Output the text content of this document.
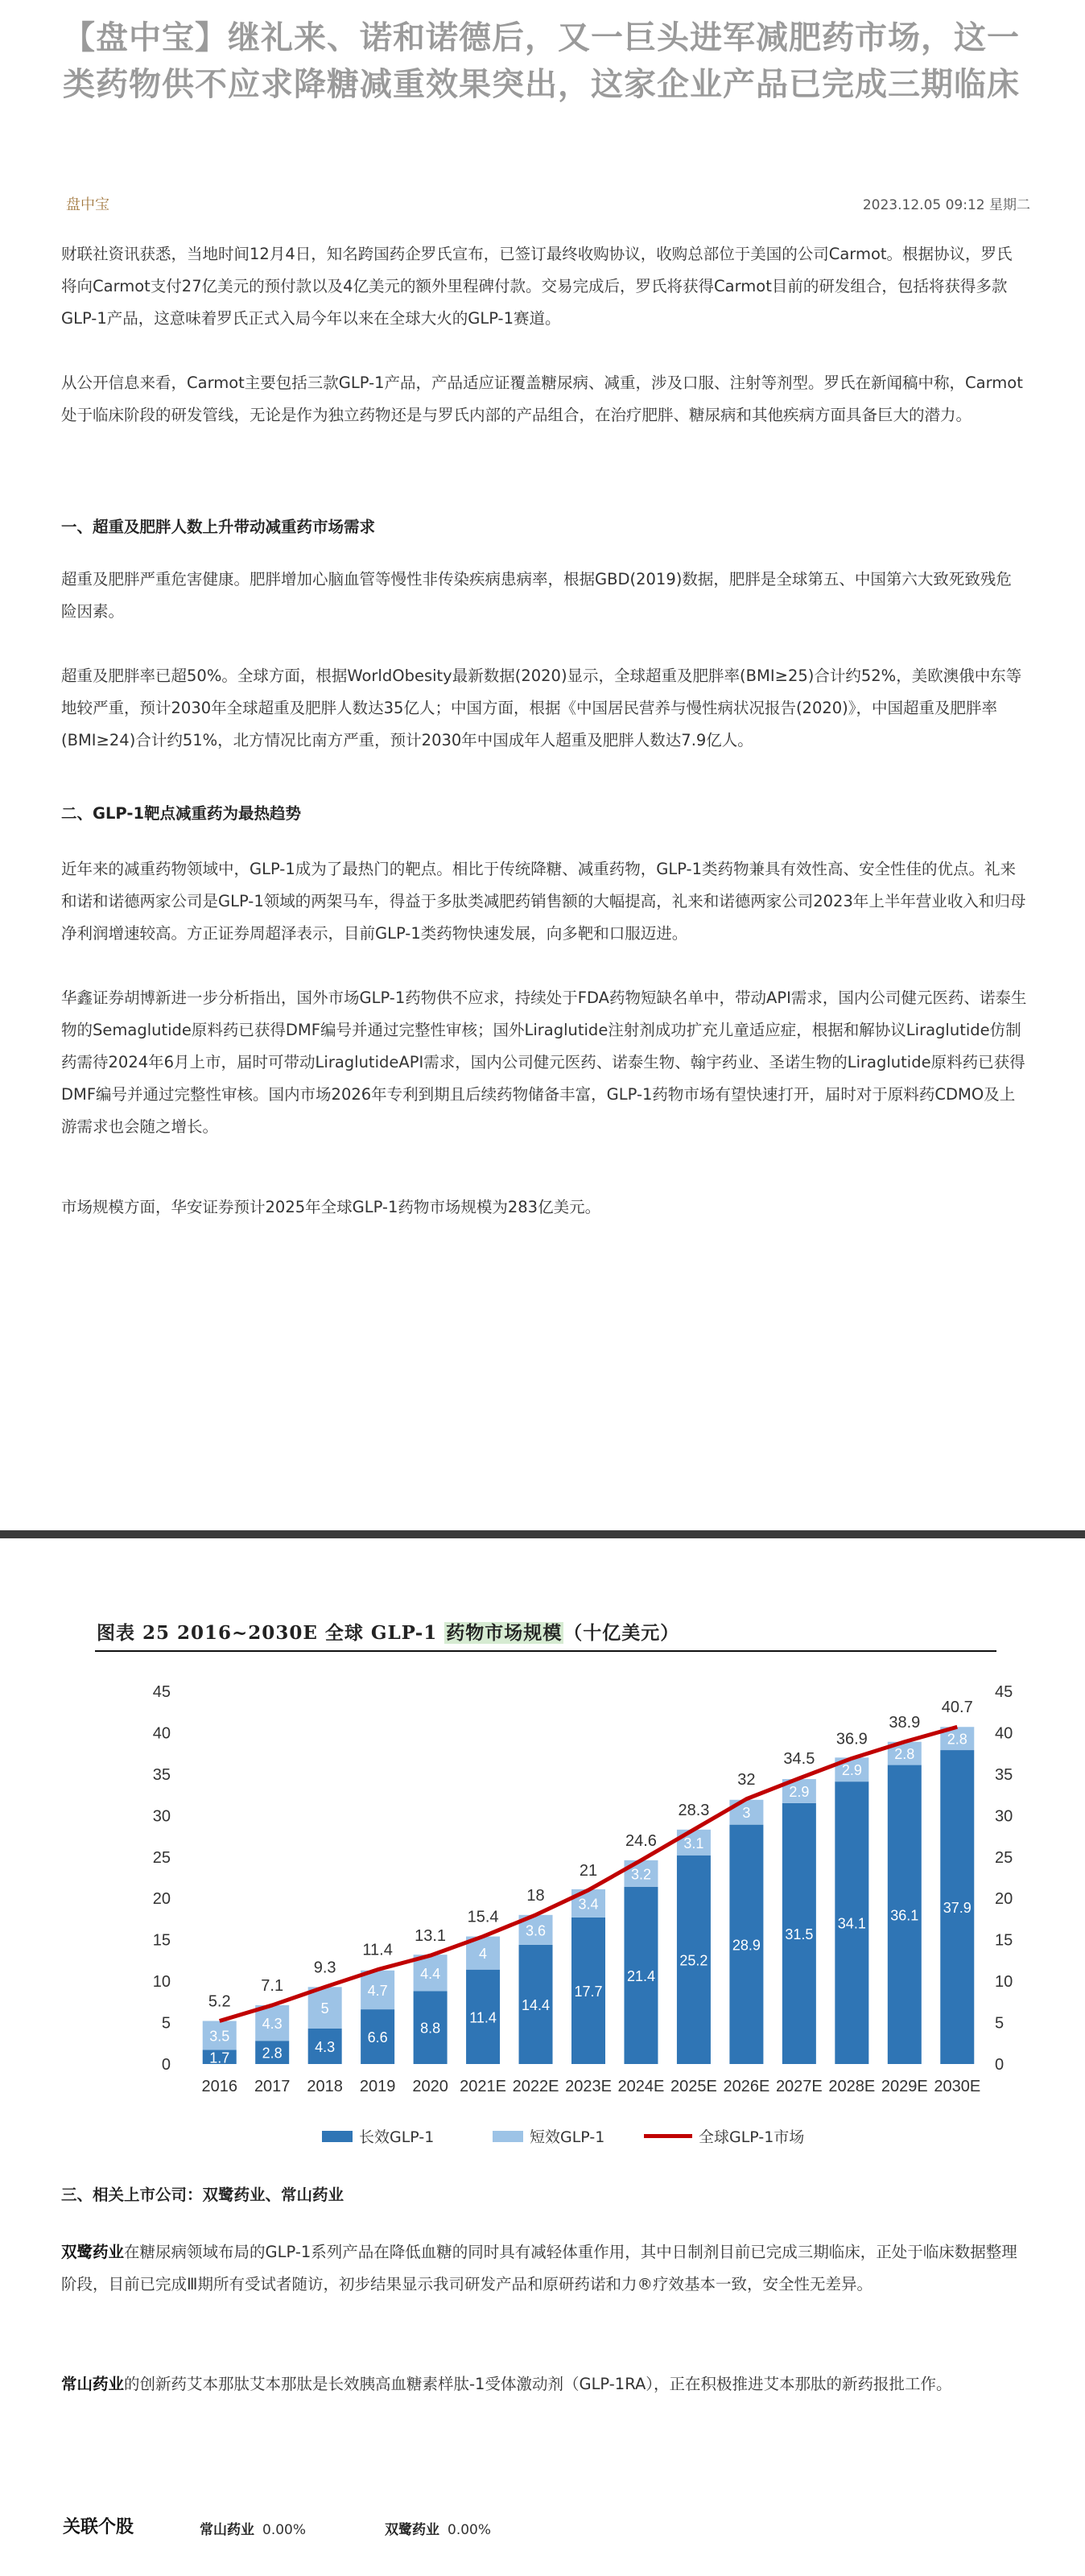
【盘中宝】继礼来、诺和诺德后，又一巨头进军减肥药市场，这一类药物供不应求降糖减重效果突出，这家企业产品已完成三期临床
盘中宝	2023.12.05 09:12 星期二

财联社资讯获悉，当地时间12月4日，知名跨国药企罗氏宣布，已签订最终收购协议，收购总部位于美国的公司Carmot。根据协议，罗氏将向Carmot支付27亿美元的预付款以及4亿美元的额外里程碑付款。交易完成后，罗氏将获得Carmot目前的研发组合，包括将获得多款GLP-1产品，这意味着罗氏正式入局今年以来在全球大火的GLP-1赛道。

从公开信息来看，Carmot主要包括三款GLP-1产品，产品适应证覆盖糖尿病、减重，涉及口服、注射等剂型。罗氏在新闻稿中称，Carmot处于临床阶段的研发管线，无论是作为独立药物还是与罗氏内部的产品组合，在治疗肥胖、糖尿病和其他疾病方面具备巨大的潜力。

一、超重及肥胖人数上升带动减重药市场需求

超重及肥胖严重危害健康。肥胖增加心脑血管等慢性非传染疾病患病率，根据GBD(2019)数据，肥胖是全球第五、中国第六大致死致残危险因素。

超重及肥胖率已超50%。全球方面，根据WorldObesity最新数据(2020)显示，全球超重及肥胖率(BMI≥25)合计约52%，美欧澳俄中东等地较严重，预计2030年全球超重及肥胖人数达35亿人；中国方面，根据《中国居民营养与慢性病状况报告(2020)》，中国超重及肥胖率(BMI≥24)合计约51%，北方情况比南方严重，预计2030年中国成年人超重及肥胖人数达7.9亿人。

二、GLP-1靶点减重药为最热趋势

近年来的减重药物领域中，GLP-1成为了最热门的靶点。相比于传统降糖、减重药物，GLP-1类药物兼具有效性高、安全性佳的优点。礼来和诺和诺德两家公司是GLP-1领域的两架马车，得益于多肽类减肥药销售额的大幅提高，礼来和诺德两家公司2023年上半年营业收入和归母净利润增速较高。方正证券周超泽表示，目前GLP-1类药物快速发展，向多靶和口服迈进。

华鑫证券胡博新进一步分析指出，国外市场GLP-1药物供不应求，持续处于FDA药物短缺名单中，带动API需求，国内公司健元医药、诺泰生物的Semaglutide原料药已获得DMF编号并通过完整性审核；国外Liraglutide注射剂成功扩充儿童适应症，根据和解协议Liraglutide仿制药需待2024年6月上市，届时可带动LiraglutideAPI需求，国内公司健元医药、诺泰生物、翰宇药业、圣诺生物的Liraglutide原料药已获得DMF编号并通过完整性审核。国内市场2026年专利到期且后续药物储备丰富，GLP-1药物市场有望快速打开，届时对于原料药CDMO及上游需求也会随之增长。

市场规模方面，华安证券预计2025年全球GLP-1药物市场规模为283亿美元。

图表 25 2016~2030E 全球 GLP-1 药物市场规模（十亿美元）
0
5
10
15
20
25
30
35
40
45
0
5
10
15
20
25
30
35
40
45
1.7
3.5
2016
2.8
4.3
2017
4.3
5
2018
6.6
4.7
2019
8.8
4.4
2020
11.4
4
2021E
14.4
3.6
2022E
17.7
3.4
2023E
21.4
3.2
2024E
25.2
3.1
2025E
28.9
3
2026E
31.5
2.9
2027E
34.1
2.9
2028E
36.1
2.8
2029E
37.9
2.8
2030E
5.2
7.1
9.3
11.4
13.1
15.4
18
21
24.6
28.3
32
34.5
36.9
38.9
40.7
长效GLP-1	短效GLP-1	全球GLP-1市场

三、相关上市公司：双鹭药业、常山药业

双鹭药业在糖尿病领域布局的GLP-1系列产品在降低血糖的同时具有减轻体重作用，其中日制剂目前已完成三期临床，正处于临床数据整理阶段，目前已完成Ⅲ期所有受试者随访，初步结果显示我司研发产品和原研药诺和力®疗效基本一致，安全性无差异。

常山药业的创新药艾本那肽艾本那肽是长效胰高血糖素样肽-1受体激动剂（GLP-1RA），正在积极推进艾本那肽的新药报批工作。

关联个股	常山药业 0.00%	双鹭药业 0.00%
